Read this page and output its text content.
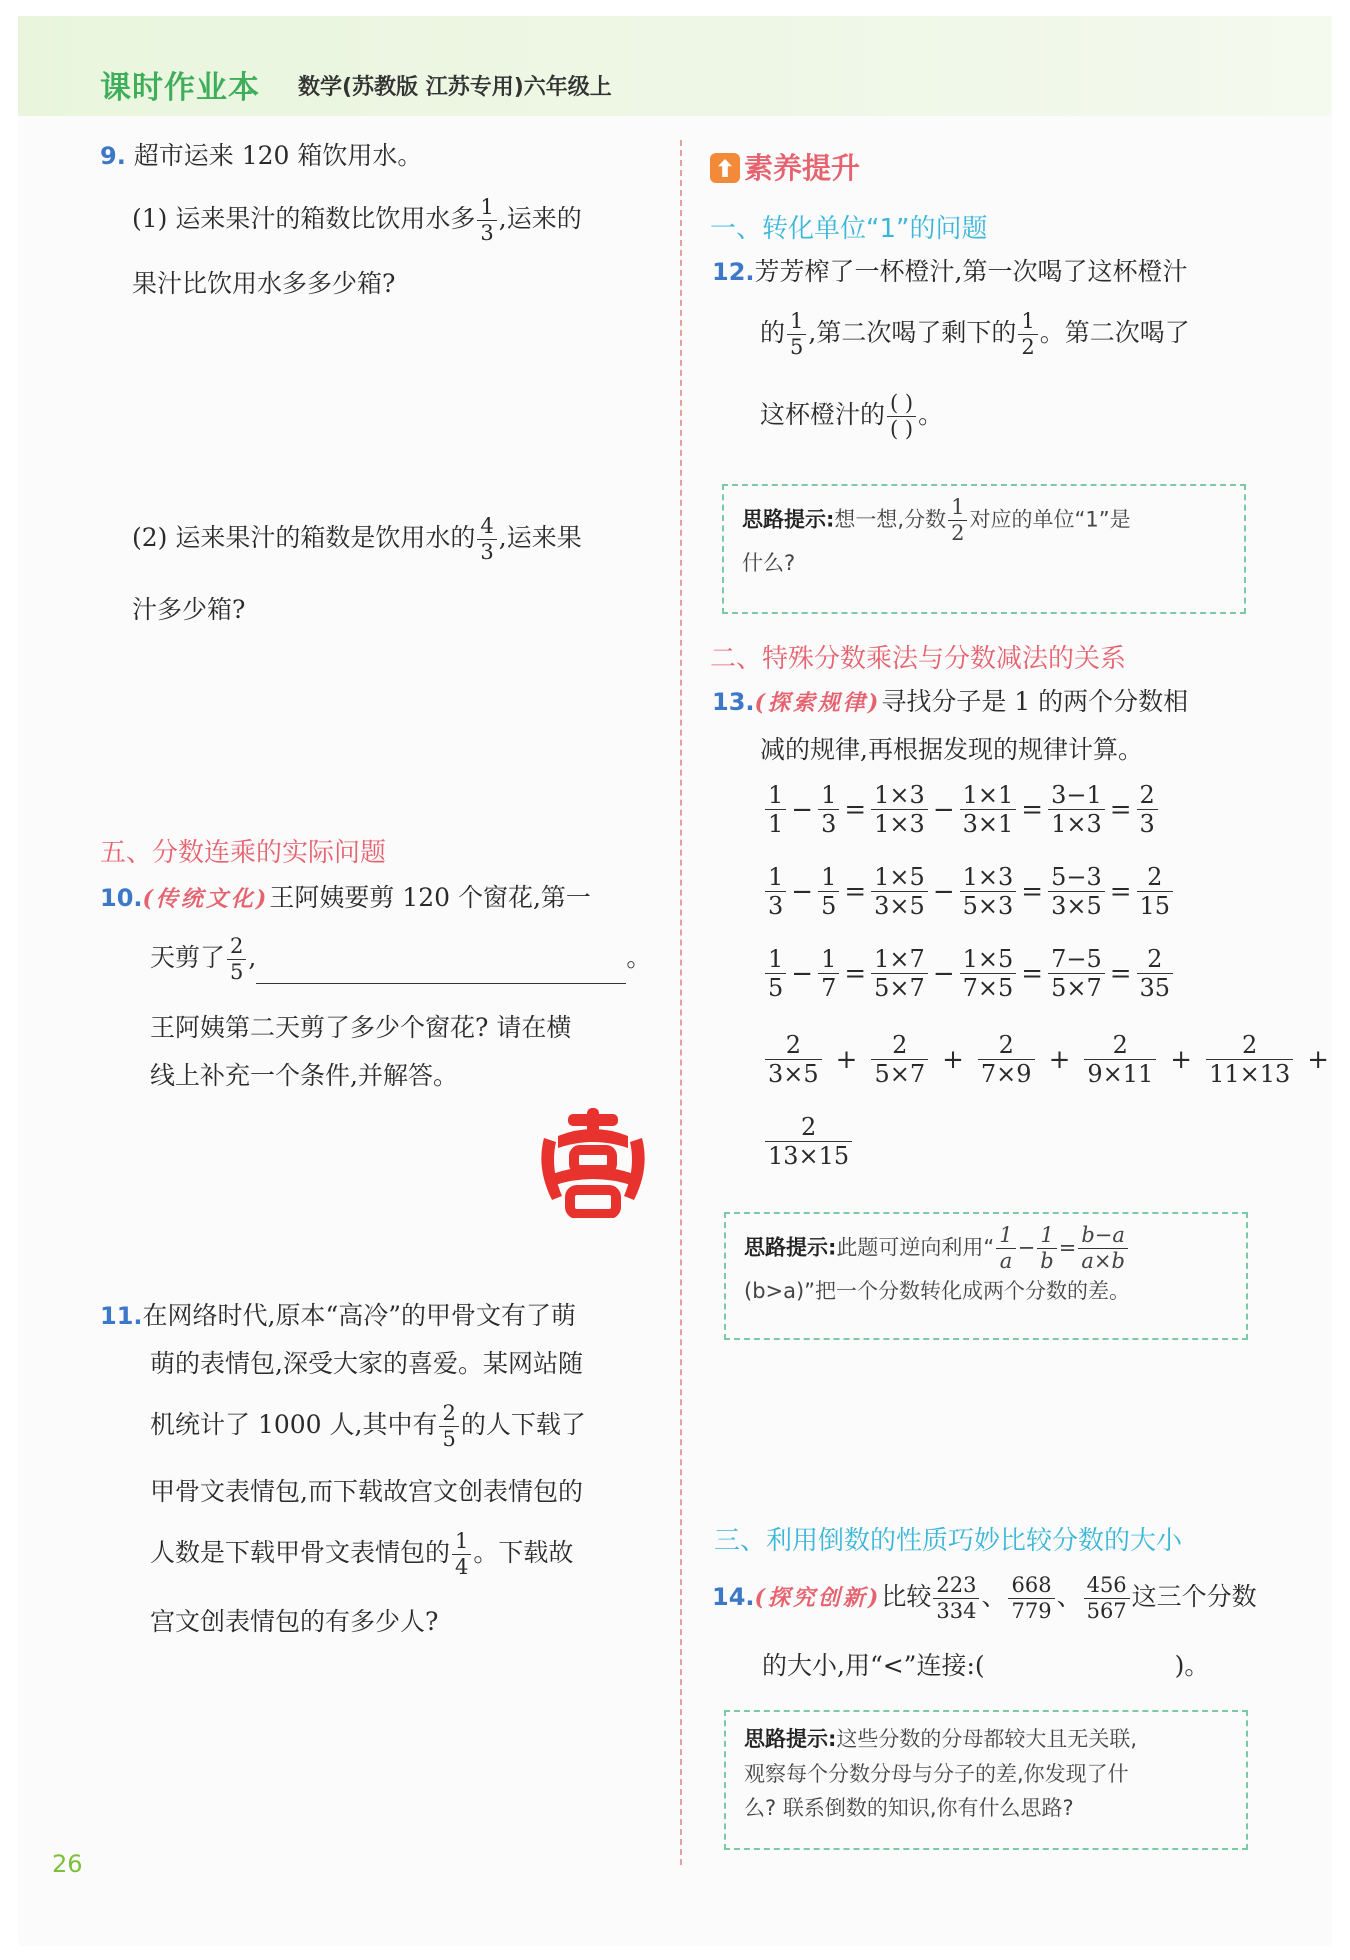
课时作业本 数学(苏教版 江苏专用)六年级上
9. 超市运来 120 箱饮用水。
(1) 运来果汁的箱数比饮用水多 $\frac{1}{3}$ ,运来的
果汁比饮用水多多少箱?
(2) 运来果汁的箱数是饮用水的 $\frac{4}{3}$ ,运来果
汁多少箱?
五、分数连乘的实际问题
10.(传统文化)王阿姨要剪 120 个窗花,第一
天剪了 $\frac{2}{5}$ ,	。
王阿姨第二天剪了多少个窗花? 请在横
线上补充一个条件,并解答。
11.在网络时代,原本“高冷”的甲骨文有了萌
萌的表情包,深受大家的喜爱。某网站随
机统计了 1000 人,其中有 $\frac{2}{5}$ 的人下载了
甲骨文表情包,而下载故宫文创表情包的
人数是下载甲骨文表情包的 $\frac{1}{4}$ 。下载故
宫文创表情包的有多少人?
26
素养提升
一、转化单位“1”的问题
12.芳芳榨了一杯橙汁,第一次喝了这杯橙汁
的 $\frac{1}{5}$ ,第二次喝了剩下的 $\frac{1}{2}$ 。第二次喝了
这杯橙汁的 $\frac{( )}{( )}$ 。
思路提示:想一想,分数 $\frac{1}{2}$ 对应的单位“1”是
什么?
二、特殊分数乘法与分数减法的关系
13.(探索规律)寻找分子是 1 的两个分数相
减的规律,再根据发现的规律计算。
$\frac{1}{1} - \frac{1}{3} = \frac{1\times 3}{1\times 3} - \frac{1\times 1}{3\times 1} = \frac{3-1}{1\times 3} = \frac{2}{3}$
$\frac{1}{3} - \frac{1}{5} = \frac{1\times 5}{3\times 5} - \frac{1\times 3}{5\times 3} = \frac{5-3}{3\times 5} = \frac{2}{15}$
$\frac{1}{5} - \frac{1}{7} = \frac{1\times 7}{5\times 7} - \frac{1\times 5}{7\times 5} = \frac{7-5}{5\times 7} = \frac{2}{35}$
$\frac{2}{3\times 5} + \frac{2}{5\times 7} + \frac{2}{7\times 9} + \frac{2}{9\times 11} + \frac{2}{11\times 13}$ +
$\frac{2}{13\times 15}$
思路提示:此题可逆向利用“ $\frac{1}{a} - \frac{1}{b} = \frac{b-a}{a\times b}$
(b>a)”把一个分数转化成两个分数的差。
三、利用倒数的性质巧妙比较分数的大小
14.(探究创新)比较 $\frac{223}{334}$ 、 $\frac{668}{779}$ 、 $\frac{456}{567}$ 这三个分数
的大小,用“<”连接:(	)。
思路提示:这些分数的分母都较大且无关联,
观察每个分数分母与分子的差,你发现了什
么? 联系倒数的知识,你有什么思路?
